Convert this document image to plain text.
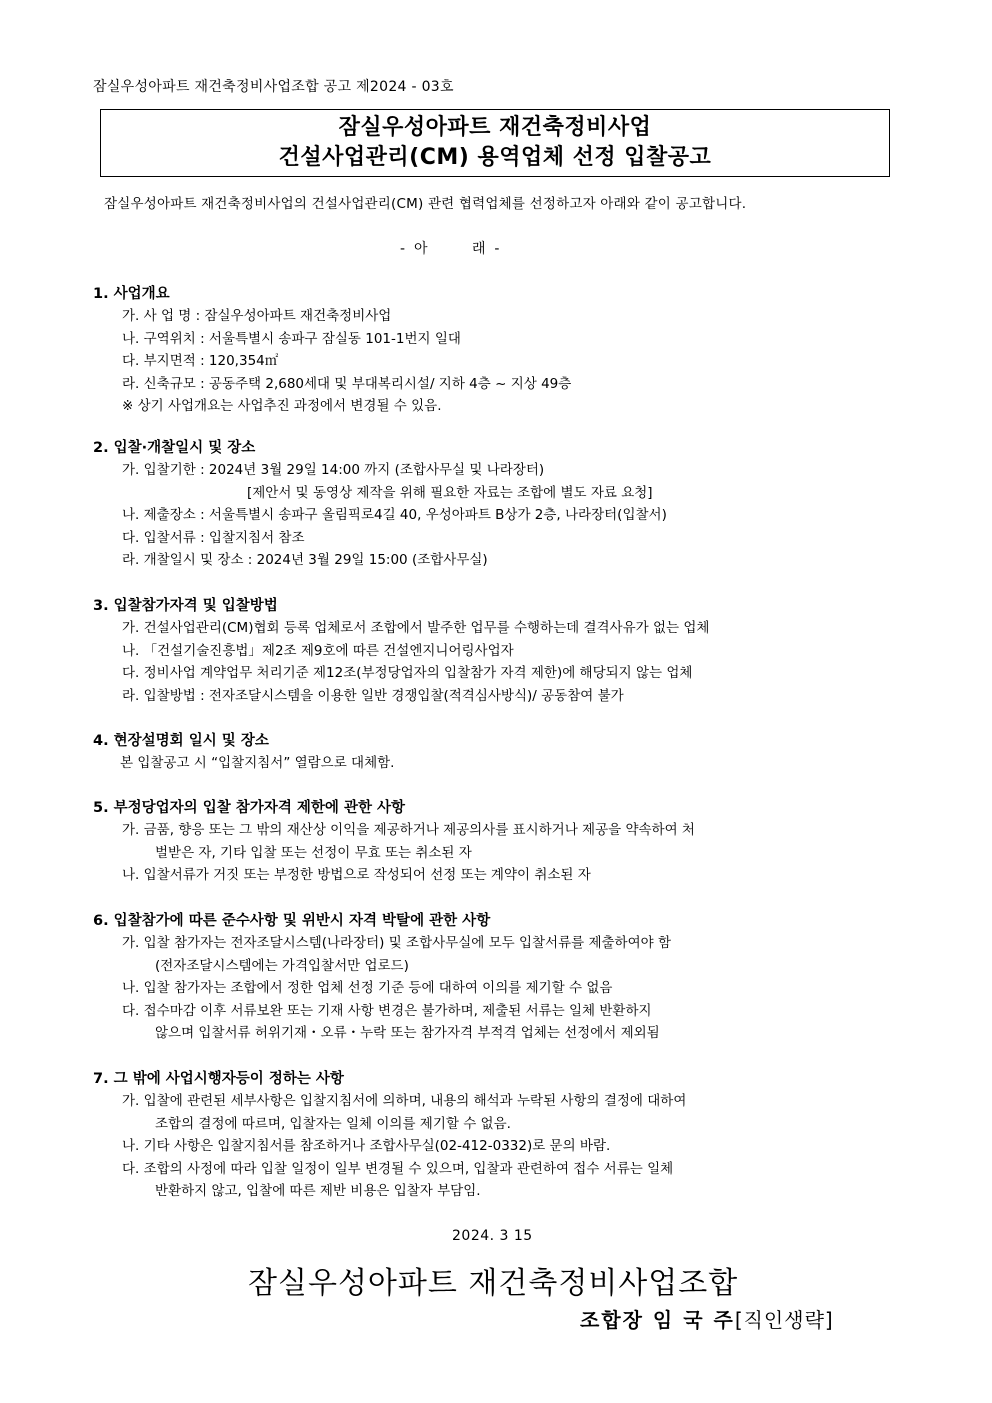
잠실우성아파트 재건축정비사업조합 공고 제2024 - 03호
잠실우성아파트 재건축정비사업
건설사업관리(CM) 용역업체 선정 입찰공고
잠실우성아파트 재건축정비사업의 건설사업관리(CM) 관련 협력업체를 선정하고자 아래와 같이 공고합니다.
-  아          래  -
1. 사업개요
가. 사 업 명 : 잠실우성아파트 재건축정비사업
나. 구역위치 : 서울특별시 송파구 잠실동 101-1번지 일대
다. 부지면적 : 120,354㎡
라. 신축규모 : 공동주택 2,680세대 및 부대복리시설/ 지하 4층 ~ 지상 49층
※ 상기 사업개요는 사업추진 과정에서 변경될 수 있음.
2. 입찰·개찰일시 및 장소
가. 입찰기한 : 2024년 3월 29일 14:00 까지 (조합사무실 및 나라장터)
[제안서 및 동영상 제작을 위해 필요한 자료는 조합에 별도 자료 요청]
나. 제출장소 : 서울특별시 송파구 올림픽로4길 40, 우성아파트 B상가 2층, 나라장터(입찰서)
다. 입찰서류 : 입찰지침서 참조
라. 개찰일시 및 장소 : 2024년 3월 29일 15:00 (조합사무실)
3. 입찰참가자격 및 입찰방법
가. 건설사업관리(CM)협회 등록 업체로서 조합에서 발주한 업무를 수행하는데 결격사유가 없는 업체
나. 「건설기술진흥법」제2조 제9호에 따른 건설엔지니어링사업자
다. 정비사업 계약업무 처리기준 제12조(부정당업자의 입찰참가 자격 제한)에 해당되지 않는 업체
라. 입찰방법 : 전자조달시스템을 이용한 일반 경쟁입찰(적격심사방식)/ 공동참여 불가
4. 현장설명회 일시 및 장소
본 입찰공고 시 “입찰지침서” 열람으로 대체함.
5. 부정당업자의 입찰 참가자격 제한에 관한 사항
가. 금품, 향응 또는 그 밖의 재산상 이익을 제공하거나 제공의사를 표시하거나 제공을 약속하여 처
벌받은 자, 기타 입찰 또는 선정이 무효 또는 취소된 자
나. 입찰서류가 거짓 또는 부정한 방법으로 작성되어 선정 또는 계약이 취소된 자
6. 입찰참가에 따른 준수사항 및 위반시 자격 박탈에 관한 사항
가. 입찰 참가자는 전자조달시스템(나라장터) 및 조합사무실에 모두 입찰서류를 제출하여야 함
(전자조달시스템에는 가격입찰서만 업로드)
나. 입찰 참가자는 조합에서 정한 업체 선정 기준 등에 대하여 이의를 제기할 수 없음
다. 접수마감 이후 서류보완 또는 기재 사항 변경은 불가하며, 제출된 서류는 일체 반환하지
않으며 입찰서류 허위기재・오류・누락 또는 참가자격 부적격 업체는 선정에서 제외됨
7. 그 밖에 사업시행자등이 정하는 사항
가. 입찰에 관련된 세부사항은 입찰지침서에 의하며, 내용의 해석과 누락된 사항의 결정에 대하여
조합의 결정에 따르며, 입찰자는 일체 이의를 제기할 수 없음.
나. 기타 사항은 입찰지침서를 참조하거나 조합사무실(02-412-0332)로 문의 바람.
다. 조합의 사정에 따라 입찰 일정이 일부 변경될 수 있으며, 입찰과 관련하여 접수 서류는 일체
반환하지 않고, 입찰에 따른 제반 비용은 입찰자 부담임.
2024. 3 15
잠실우성아파트 재건축정비사업조합
조합장 임 국 주[직인생략]
